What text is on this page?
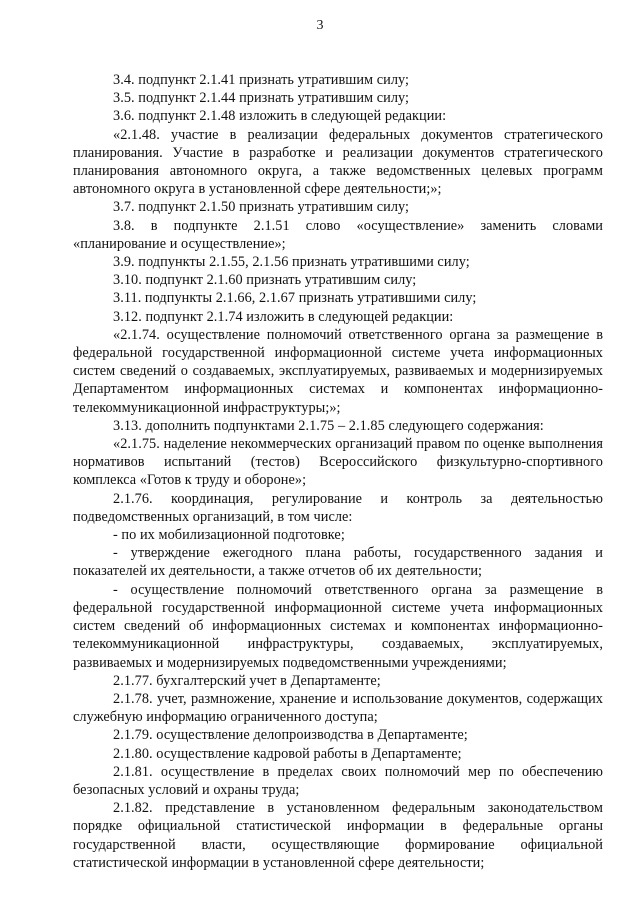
3

3.4. подпункт 2.1.41 признать утратившим силу;

3.5. подпункт 2.1.44 признать утратившим силу;

3.6. подпункт 2.1.48 изложить в следующей редакции:

«2.1.48. участие в реализации федеральных документов стратегического планирования. Участие в разработке и реализации документов стратегического планирования автономного округа, а также ведомственных целевых программ автономного округа в установленной сфере деятельности;»;

3.7. подпункт 2.1.50 признать утратившим силу;

3.8. в подпункте 2.1.51 слово «осуществление» заменить словами «планирование и осуществление»;

3.9. подпункты 2.1.55, 2.1.56 признать утратившими силу;

3.10. подпункт 2.1.60 признать утратившим силу;

3.11. подпункты 2.1.66, 2.1.67 признать утратившими силу;

3.12. подпункт 2.1.74 изложить в следующей редакции:

«2.1.74. осуществление полномочий ответственного органа за размещение в федеральной государственной информационной системе учета информационных систем сведений о создаваемых, эксплуатируемых, развиваемых и модернизируемых Департаментом информационных системах и компонентах информационно-телекоммуникационной инфраструктуры;»;

3.13. дополнить подпунктами 2.1.75 – 2.1.85 следующего содержания:

«2.1.75. наделение некоммерческих организаций правом по оценке выполнения нормативов испытаний (тестов) Всероссийского физкультурно-спортивного комплекса «Готов к труду и обороне»;

2.1.76. координация, регулирование и контроль за деятельностью подведомственных организаций, в том числе:

- по их мобилизационной подготовке;

- утверждение ежегодного плана работы, государственного задания и показателей их деятельности, а также отчетов об их деятельности;

- осуществление полномочий ответственного органа за размещение в федеральной государственной информационной системе учета информационных систем сведений об информационных системах и компонентах информационно-телекоммуникационной инфраструктуры, создаваемых, эксплуатируемых, развиваемых и модернизируемых подведомственными учреждениями;

2.1.77. бухгалтерский учет в Департаменте;

2.1.78. учет, размножение, хранение и использование документов, содержащих служебную информацию ограниченного доступа;

2.1.79. осуществление делопроизводства в Департаменте;

2.1.80. осуществление кадровой работы в Департаменте;

2.1.81. осуществление в пределах своих полномочий мер по обеспечению безопасных условий и охраны труда;

2.1.82. представление в установленном федеральным законодательством порядке официальной статистической информации в федеральные органы государственной власти, осуществляющие формирование официальной статистической информации в установленной сфере деятельности;
